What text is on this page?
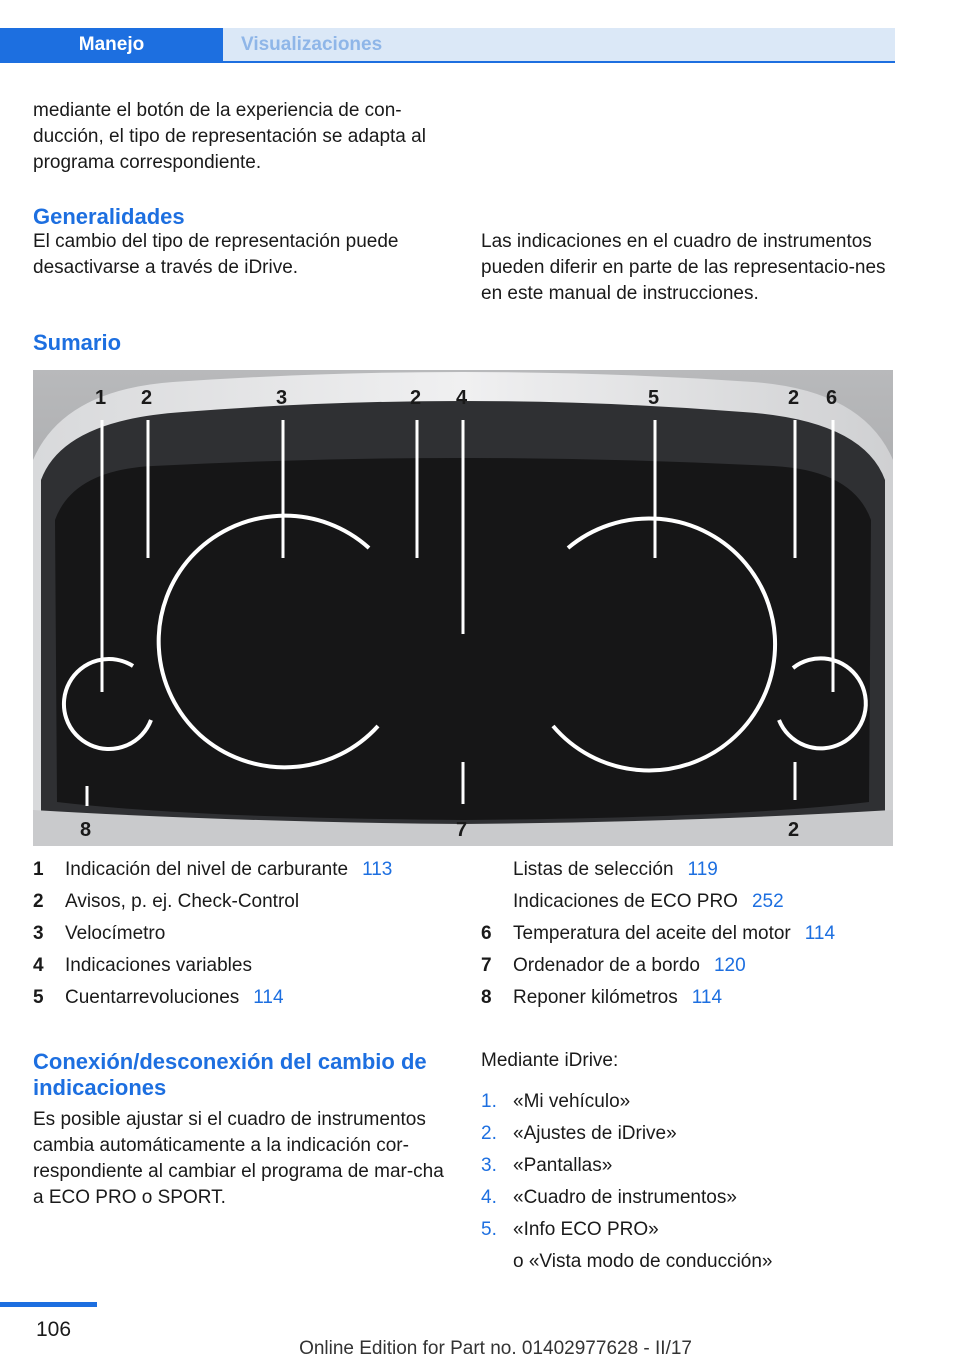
Manejo	Visualizaciones
mediante el botón de la experiencia de con‐ducción, el tipo de representación se adapta al programa correspondiente.
Generalidades
El cambio del tipo de representación puede desactivarse a través de iDrive.
Las indicaciones en el cuadro de instrumentos pueden diferir en parte de las representacio‐nes en este manual de instrucciones.
Sumario
1 2	3	2 4	5	2 6
8	7	2
1	Indicación del nivel de carburante 113
2	Avisos, p. ej. Check-Control
3	Velocímetro
4	Indicaciones variables
5	Cuentarrevoluciones 114
Listas de selección 119
Indicaciones de ECO PRO 252
6	Temperatura del aceite del motor 114
7	Ordenador de a bordo 120
8	Reponer kilómetros 114
Conexión/desconexión del cambio de indicaciones
Es posible ajustar si el cuadro de instrumentos cambia automáticamente a la indicación cor‐respondiente al cambiar el programa de mar‐cha a ECO PRO o SPORT.
Mediante iDrive:
1. «Mi vehículo»
2. «Ajustes de iDrive»
3. «Pantallas»
4. «Cuadro de instrumentos»
5. «Info ECO PRO»
o «Vista modo de conducción»
106
Online Edition for Part no. 01402977628 - II/17
